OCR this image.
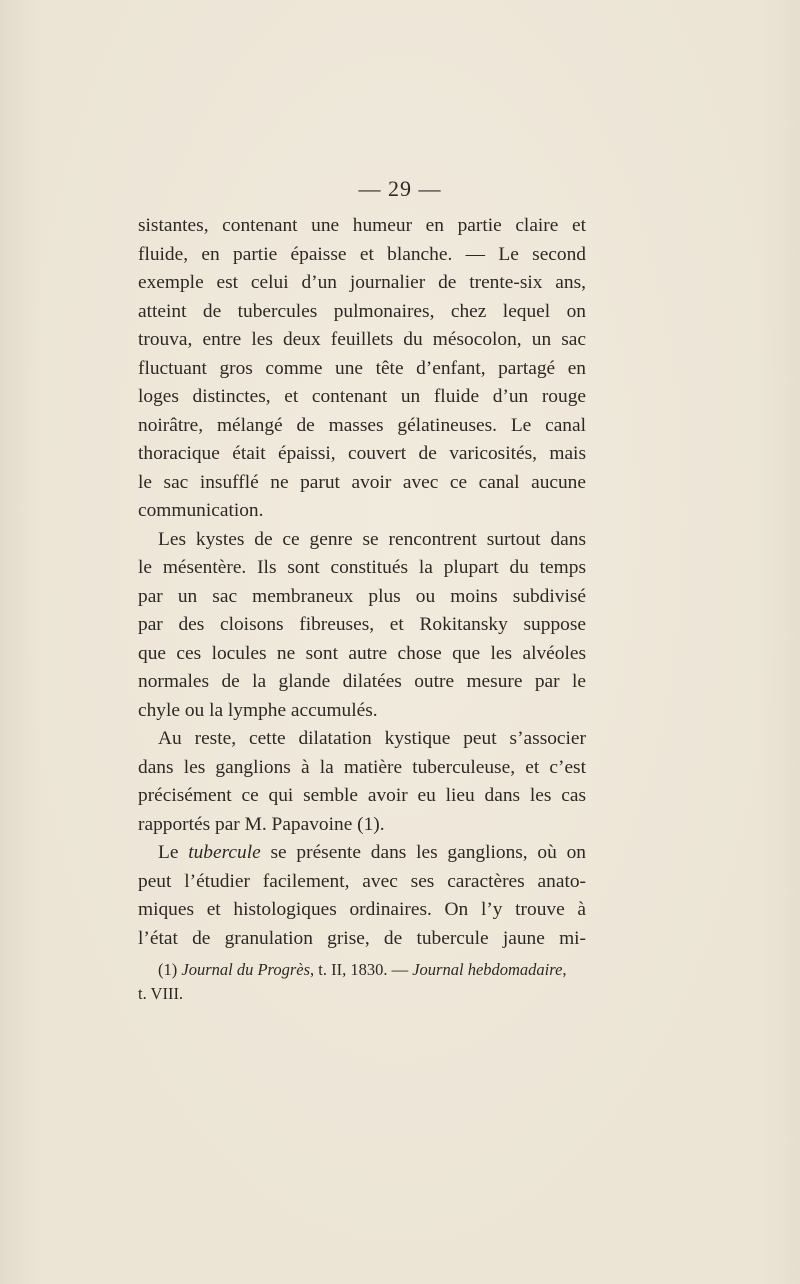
— 29 —
sistantes, contenant une humeur en partie claire et
fluide, en partie épaisse et blanche. — Le second
exemple est celui d’un journalier de trente-six ans,
atteint de tubercules pulmonaires, chez lequel on
trouva, entre les deux feuillets du mésocolon, un sac
fluctuant gros comme une tête d’enfant, partagé en
loges distinctes, et contenant un fluide d’un rouge
noirâtre, mélangé de masses gélatineuses. Le canal
thoracique était épaissi, couvert de varicosités, mais
le sac insufflé ne parut avoir avec ce canal aucune
communication.
Les kystes de ce genre se rencontrent surtout dans
le mésentère. Ils sont constitués la plupart du temps
par un sac membraneux plus ou moins subdivisé
par des cloisons fibreuses, et Rokitansky suppose
que ces locules ne sont autre chose que les alvéoles
normales de la glande dilatées outre mesure par le
chyle ou la lymphe accumulés.
Au reste, cette dilatation kystique peut s’associer
dans les ganglions à la matière tuberculeuse, et c’est
précisément ce qui semble avoir eu lieu dans les cas
rapportés par M. Papavoine (1).
Le tubercule se présente dans les ganglions, où on
peut l’étudier facilement, avec ses caractères anato-
miques et histologiques ordinaires. On l’y trouve à
l’état de granulation grise, de tubercule jaune mi-
(1) Journal du Progrès, t. II, 1830. — Journal hebdomadaire,
t. VIII.
